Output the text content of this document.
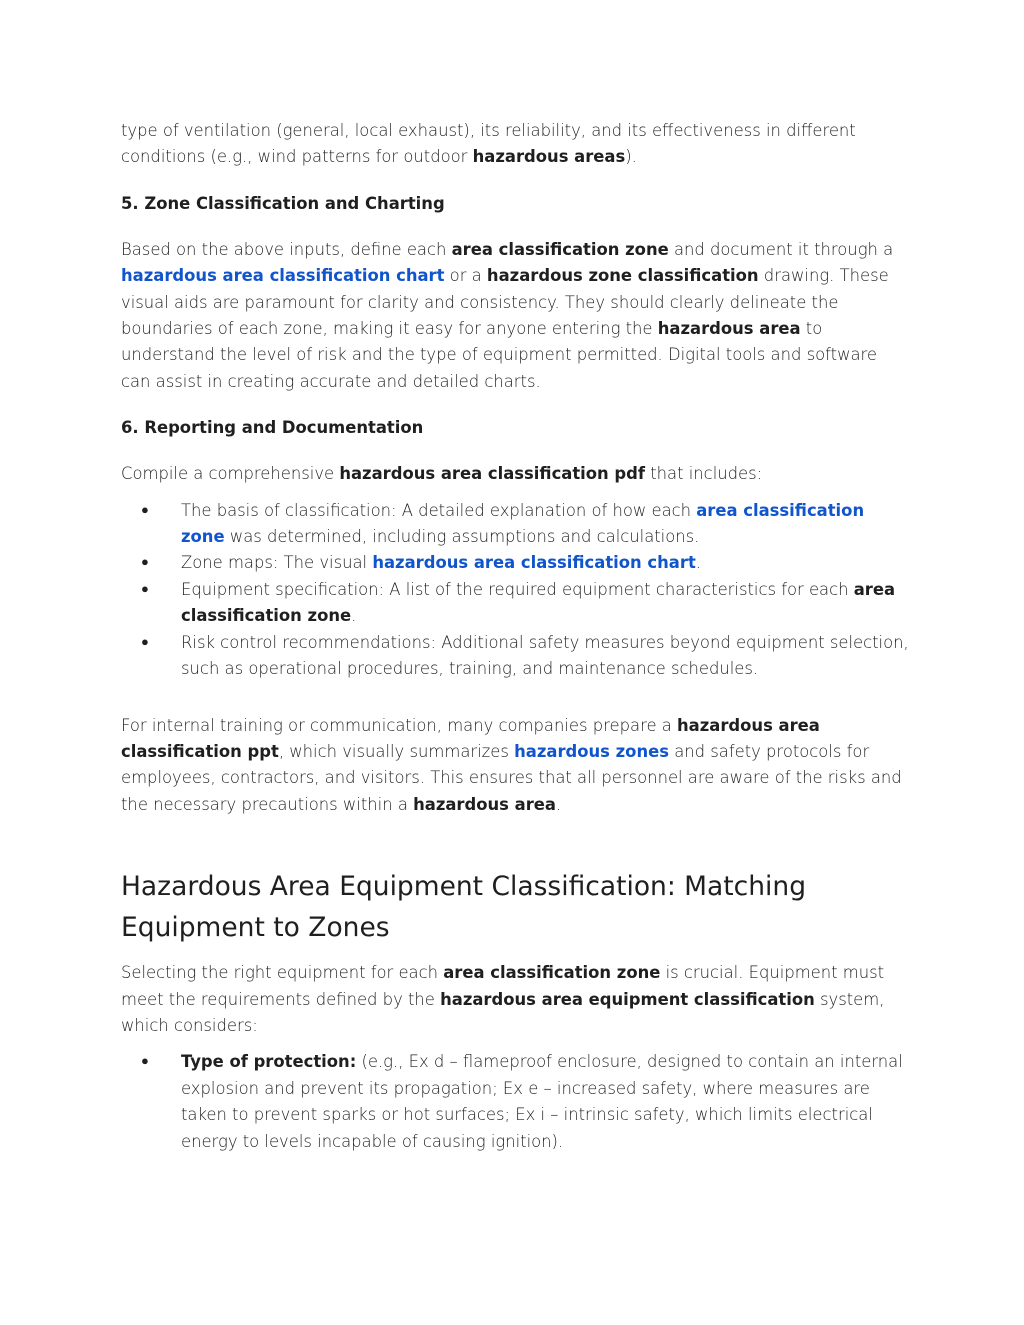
type of ventilation (general, local exhaust), its reliability, and its effectiveness in different conditions (e.g., wind patterns for outdoor hazardous areas).

5. Zone Classification and Charting

Based on the above inputs, define each area classification zone and document it through a hazardous area classification chart or a hazardous zone classification drawing. These visual aids are paramount for clarity and consistency. They should clearly delineate the boundaries of each zone, making it easy for anyone entering the hazardous area to understand the level of risk and the type of equipment permitted. Digital tools and software can assist in creating accurate and detailed charts.

6. Reporting and Documentation

Compile a comprehensive hazardous area classification pdf that includes:

● The basis of classification: A detailed explanation of how each area classification zone was determined, including assumptions and calculations.
● Zone maps: The visual hazardous area classification chart.
● Equipment specification: A list of the required equipment characteristics for each area classification zone.
● Risk control recommendations: Additional safety measures beyond equipment selection, such as operational procedures, training, and maintenance schedules.

For internal training or communication, many companies prepare a hazardous area classification ppt, which visually summarizes hazardous zones and safety protocols for employees, contractors, and visitors. This ensures that all personnel are aware of the risks and the necessary precautions within a hazardous area.

Hazardous Area Equipment Classification: Matching Equipment to Zones

Selecting the right equipment for each area classification zone is crucial. Equipment must meet the requirements defined by the hazardous area equipment classification system, which considers:

● Type of protection: (e.g., Ex d – flameproof enclosure, designed to contain an internal explosion and prevent its propagation; Ex e – increased safety, where measures are taken to prevent sparks or hot surfaces; Ex i – intrinsic safety, which limits electrical energy to levels incapable of causing ignition).
